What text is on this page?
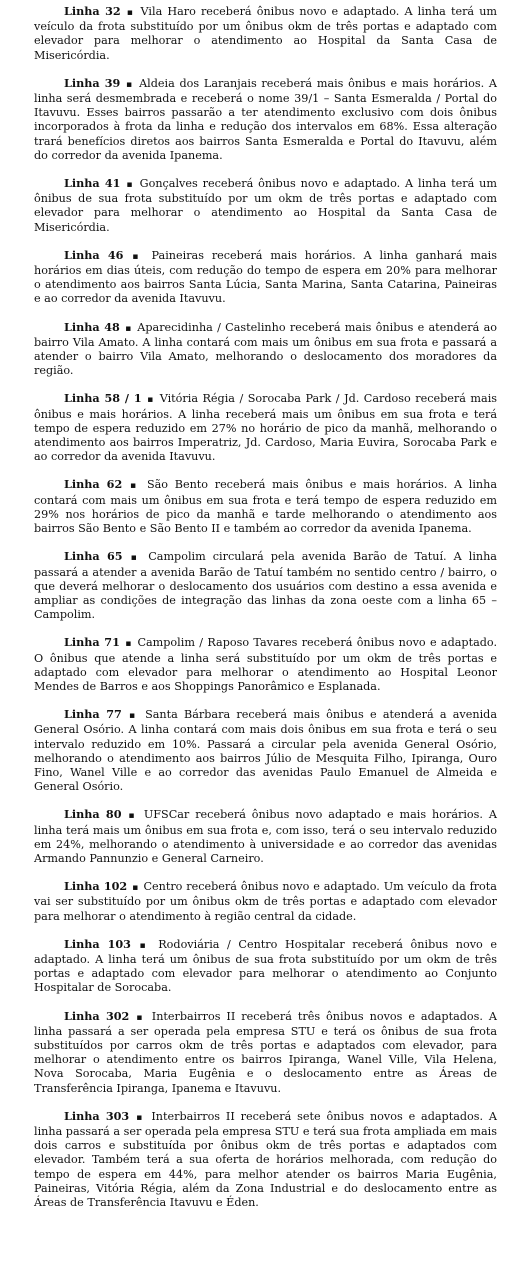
Linha 32 ▪ Vila Haro receberá ônibus novo e adaptado. A linha terá um veículo da frota substituído por um ônibus okm de três portas e adaptado com elevador para melhorar o atendimento ao Hospital da Santa Casa de Misericórdia.

Linha 39 ▪ Aldeia dos Laranjais receberá mais ônibus e mais horários. A linha será desmembrada e receberá o nome 39/1 – Santa Esmeralda / Portal do Itavuvu. Esses bairros passarão a ter atendimento exclusivo com dois ônibus incorporados à frota da linha e redução dos intervalos em 68%. Essa alteração trará benefícios diretos aos bairros Santa Esmeralda e Portal do Itavuvu, além do corredor da avenida Ipanema.

Linha 41 ▪ Gonçalves receberá ônibus novo e adaptado. A linha terá um ônibus de sua frota substituído por um okm de três portas e adaptado com elevador para melhorar o atendimento ao Hospital da Santa Casa de Misericórdia.

Linha 46 ▪ Paineiras receberá mais horários. A linha ganhará mais horários em dias úteis, com redução do tempo de espera em 20% para melhorar o atendimento aos bairros Santa Lúcia, Santa Marina, Santa Catarina, Paineiras e ao corredor da avenida Itavuvu.

Linha 48 ▪ Aparecidinha / Castelinho receberá mais ônibus e atenderá ao bairro Vila Amato. A linha contará com mais um ônibus em sua frota e passará a atender o bairro Vila Amato, melhorando o deslocamento dos moradores da região.

Linha 58 / 1 ▪ Vitória Régia / Sorocaba Park / Jd. Cardoso receberá mais ônibus e mais horários. A linha receberá mais um ônibus em sua frota e terá tempo de espera reduzido em 27% no horário de pico da manhã, melhorando o atendimento aos bairros Imperatriz, Jd. Cardoso, Maria Euvira, Sorocaba Park e ao corredor da avenida Itavuvu.

Linha 62 ▪ São Bento receberá mais ônibus e mais horários. A linha contará com mais um ônibus em sua frota e terá tempo de espera reduzido em 29% nos horários de pico da manhã e tarde melhorando o atendimento aos bairros São Bento e São Bento II e também ao corredor da avenida Ipanema.

Linha 65 ▪ Campolim circulará pela avenida Barão de Tatuí. A linha passará a atender a avenida Barão de Tatuí também no sentido centro / bairro, o que deverá melhorar o deslocamento dos usuários com destino a essa avenida e ampliar as condições de integração das linhas da zona oeste com a linha 65 – Campolim.

Linha 71 ▪ Campolim / Raposo Tavares receberá ônibus novo e adaptado. O ônibus que atende a linha será substituído por um okm de três portas e adaptado com elevador para melhorar o atendimento ao Hospital Leonor Mendes de Barros e aos Shoppings Panorâmico e Esplanada.

Linha 77 ▪ Santa Bárbara receberá mais ônibus e atenderá a avenida General Osório. A linha contará com mais dois ônibus em sua frota e terá o seu intervalo reduzido em 10%. Passará a circular pela avenida General Osório, melhorando o atendimento aos bairros Júlio de Mesquita Filho, Ipiranga, Ouro Fino, Wanel Ville e ao corredor das avenidas Paulo Emanuel de Almeida e General Osório.

Linha 80 ▪ UFSCar receberá ônibus novo adaptado e mais horários. A linha terá mais um ônibus em sua frota e, com isso, terá o seu intervalo reduzido em 24%, melhorando o atendimento à universidade e ao corredor das avenidas Armando Pannunzio e General Carneiro.

Linha 102 ▪ Centro receberá ônibus novo e adaptado. Um veículo da frota vai ser substituído por um ônibus okm de três portas e adaptado com elevador para melhorar o atendimento à região central da cidade.

Linha 103 ▪ Rodoviária / Centro Hospitalar receberá ônibus novo e adaptado. A linha terá um ônibus de sua frota substituído por um okm de três portas e adaptado com elevador para melhorar o atendimento ao Conjunto Hospitalar de Sorocaba.

Linha 302 ▪ Interbairros II receberá três ônibus novos e adaptados. A linha passará a ser operada pela empresa STU e terá os ônibus de sua frota substituídos por carros okm de três portas e adaptados com elevador, para melhorar o atendimento entre os bairros Ipiranga, Wanel Ville, Vila Helena, Nova Sorocaba, Maria Eugênia e o deslocamento entre as Áreas de Transferência Ipiranga, Ipanema e Itavuvu.

Linha 303 ▪ Interbairros II receberá sete ônibus novos e adaptados. A linha passará a ser operada pela empresa STU e terá sua frota ampliada em mais dois carros e substituída por ônibus okm de três portas e adaptados com elevador. Também terá a sua oferta de horários melhorada, com redução do tempo de espera em 44%, para melhor atender os bairros Maria Eugênia, Paineiras, Vitória Régia, além da Zona Industrial e do deslocamento entre as Áreas de Transferência Itavuvu e Éden.
